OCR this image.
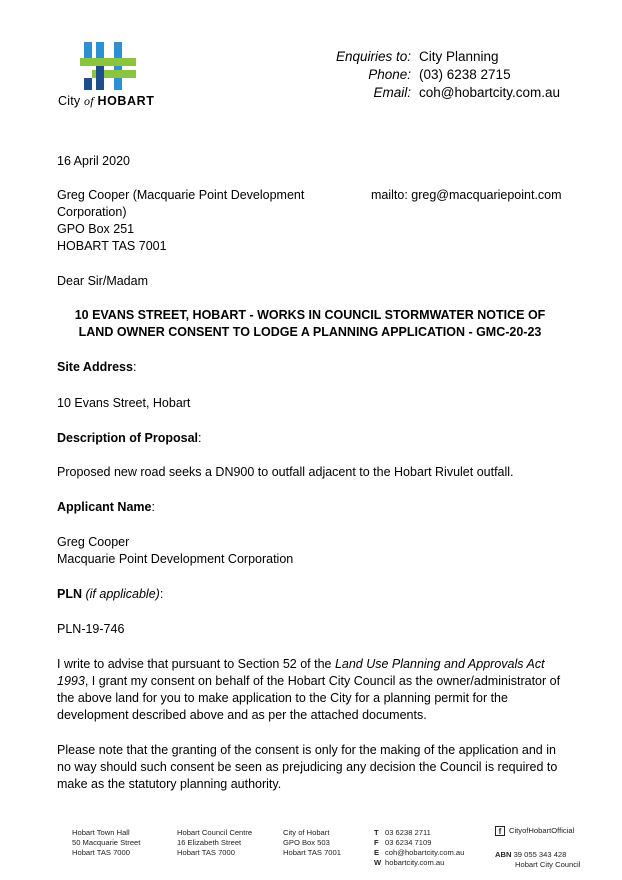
City of HOBART
Enquiries to: City Planning
Phone: (03) 6238 2715
Email: coh@hobartcity.com.au
16 April 2020
Greg Cooper (Macquarie Point Development
Corporation)
GPO Box 251
HOBART TAS 7001
mailto: greg@macquariepoint.com
Dear Sir/Madam
10 EVANS STREET, HOBART - WORKS IN COUNCIL STORMWATER NOTICE OF
LAND OWNER CONSENT TO LODGE A PLANNING APPLICATION - GMC-20-23
Site Address:
10 Evans Street, Hobart
Description of Proposal:
Proposed new road seeks a DN900 to outfall adjacent to the Hobart Rivulet outfall.
Applicant Name:
Greg Cooper
Macquarie Point Development Corporation
PLN (if applicable):
PLN-19-746
I write to advise that pursuant to Section 52 of the Land Use Planning and Approvals Act 1993, I grant my consent on behalf of the Hobart City Council as the owner/administrator of the above land for you to make application to the City for a planning permit for the development described above and as per the attached documents.
Please note that the granting of the consent is only for the making of the application and in no way should such consent be seen as prejudicing any decision the Council is required to make as the statutory planning authority.
Hobart Town Hall
50 Macquarie Street
Hobart TAS 7000
Hobart Council Centre
16 Elizabeth Street
Hobart TAS 7000
City of Hobart
GPO Box 503
Hobart TAS 7001
T 03 6238 2711
F 03 6234 7109
E coh@hobartcity.com.au
W hobartcity.com.au
f CityofHobartOfficial
ABN 39 055 343 428
Hobart City Council
